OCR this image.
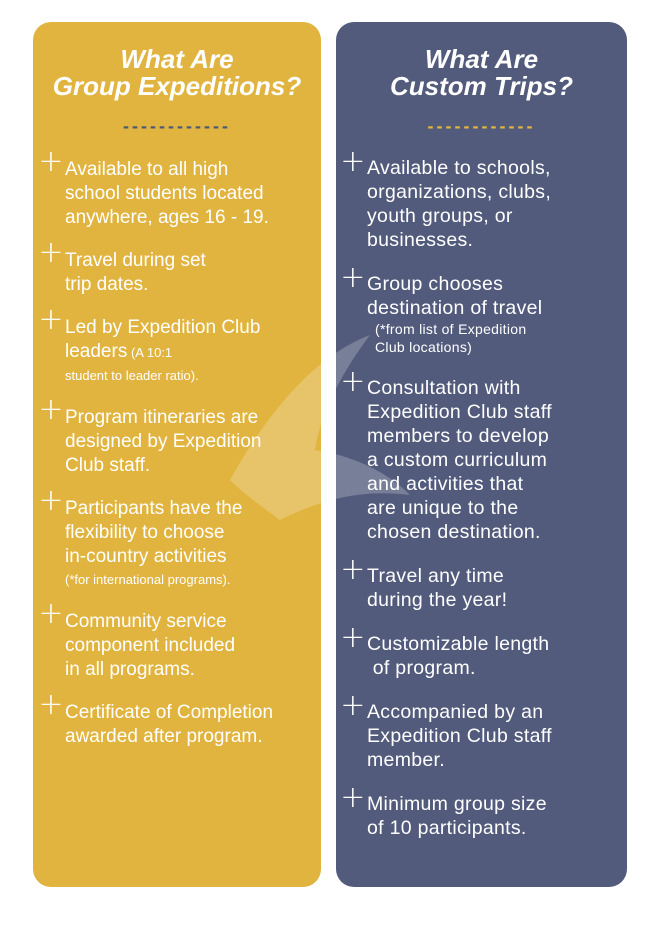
What Are
Group Expeditions?
------------
+ Available to all high
school students located
anywhere, ages 16 - 19.
+ Travel during set
trip dates.
+ Led by Expedition Club
leaders (A 10:1
student to leader ratio).
+ Program itineraries are
designed by Expedition
Club staff.
+ Participants have the
flexibility to choose
in-country activities
(*for international programs).
+ Community service
component included
in all programs.
+ Certificate of Completion
awarded after program.
What Are
Custom Trips?
------------
+ Available to schools,
organizations, clubs,
youth groups, or
businesses.
+ Group chooses
destination of travel
(*from list of Expedition
Club locations)
+ Consultation with
Expedition Club staff
members to develop
a custom curriculum
and activities that
are unique to the
chosen destination.
+ Travel any time
during the year!
+ Customizable length
of program.
+ Accompanied by an
Expedition Club staff
member.
+ Minimum group size
of 10 participants.
